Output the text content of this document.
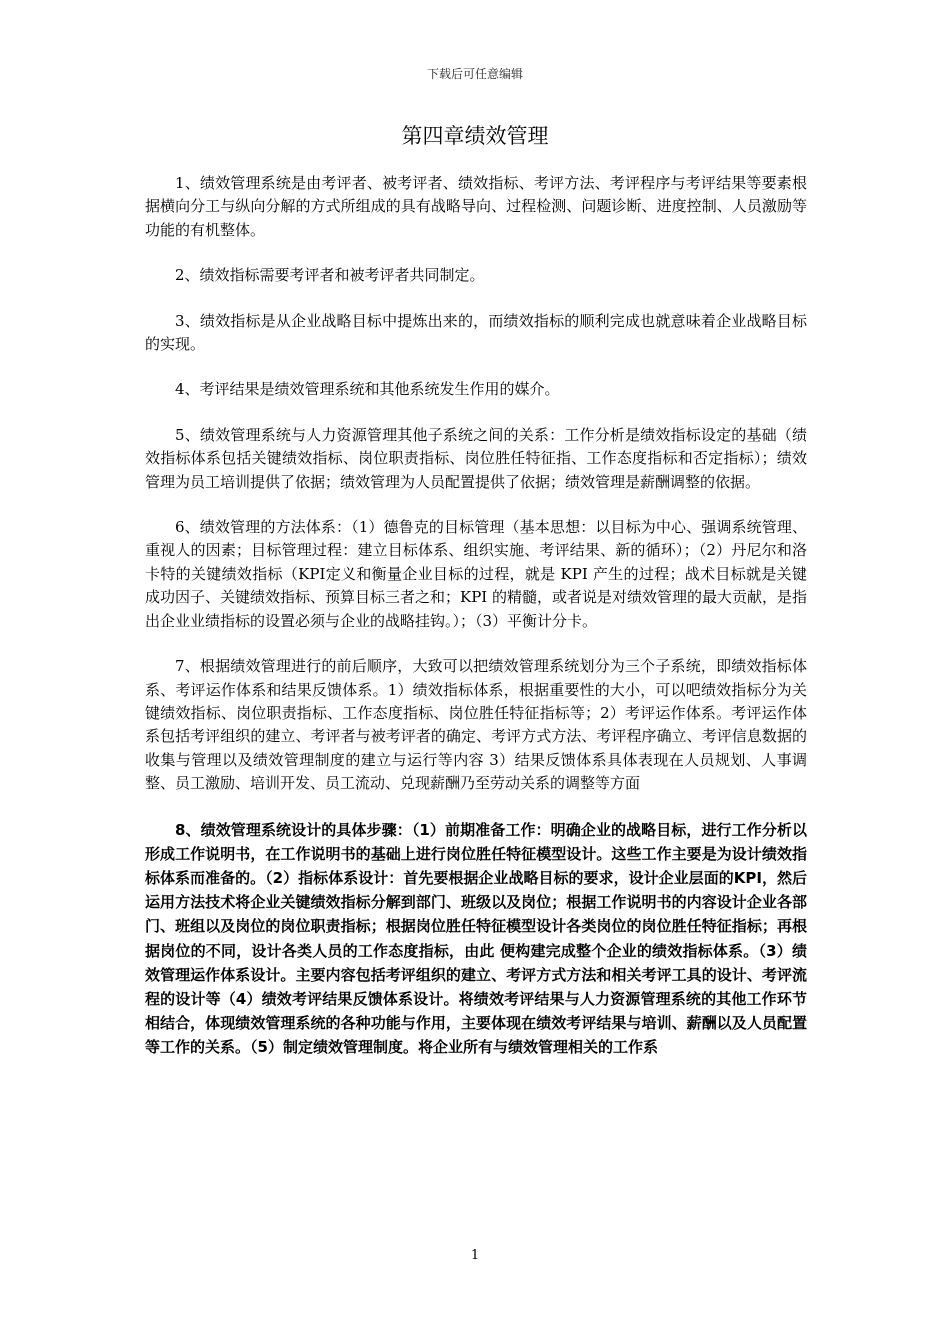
下载后可任意编辑
第四章绩效管理

1、绩效管理系统是由考评者、被考评者、绩效指标、考评方法、考评程序与考评结果等要素根据横向分工与纵向分解的方式所组成的具有战略导向、过程检测、问题诊断、进度控制、人员激励等功能的有机整体。

2、绩效指标需要考评者和被考评者共同制定。

3、绩效指标是从企业战略目标中提炼出来的，而绩效指标的顺利完成也就意味着企业战略目标的实现。

4、考评结果是绩效管理系统和其他系统发生作用的媒介。

5、绩效管理系统与人力资源管理其他子系统之间的关系：工作分析是绩效指标设定的基础（绩效指标体系包括关键绩效指标、岗位职责指标、岗位胜任特征指、工作态度指标和否定指标）；绩效管理为员工培训提供了依据；绩效管理为人员配置提供了依据；绩效管理是薪酬调整的依据。

6、绩效管理的方法体系：（1）德鲁克的目标管理（基本思想：以目标为中心、强调系统管理、重视人的因素；目标管理过程：建立目标体系、组织实施、考评结果、新的循环）；（2）丹尼尔和洛卡特的关键绩效指标（KPI定义和衡量企业目标的过程，就是 KPI 产生的过程；战术目标就是关键成功因子、关键绩效指标、预算目标三者之和；KPI 的精髓，或者说是对绩效管理的最大贡献，是指出企业业绩指标的设置必须与企业的战略挂钩。）；（3）平衡计分卡。

7、根据绩效管理进行的前后顺序，大致可以把绩效管理系统划分为三个子系统，即绩效指标体系、考评运作体系和结果反馈体系。1）绩效指标体系，根据重要性的大小，可以吧绩效指标分为关键绩效指标、岗位职责指标、工作态度指标、岗位胜任特征指标等；2）考评运作体系。考评运作体系包括考评组织的建立、考评者与被考评者的确定、考评方式方法、考评程序确立、考评信息数据的收集与管理以及绩效管理制度的建立与运行等内容 3）结果反馈体系具体表现在人员规划、人事调整、员工激励、培训开发、员工流动、兑现薪酬乃至劳动关系的调整等方面

8、绩效管理系统设计的具体步骤：（1）前期准备工作：明确企业的战略目标，进行工作分析以形成工作说明书，在工作说明书的基础上进行岗位胜任特征模型设计。这些工作主要是为设计绩效指标体系而准备的。（2）指标体系设计：首先要根据企业战略目标的要求，设计企业层面的KPI，然后运用方法技术将企业关键绩效指标分解到部门、班级以及岗位；根据工作说明书的内容设计企业各部门、班组以及岗位的岗位职责指标；根据岗位胜任特征模型设计各类岗位的岗位胜任特征指标；再根据岗位的不同，设计各类人员的工作态度指标，由此 便构建完成整个企业的绩效指标体系。（3）绩效管理运作体系设计。主要内容包括考评组织的建立、考评方式方法和相关考评工具的设计、考评流程的设计等（4）绩效考评结果反馈体系设计。将绩效考评结果与人力资源管理系统的其他工作环节相结合，体现绩效管理系统的各种功能与作用，主要体现在绩效考评结果与培训、薪酬以及人员配置等工作的关系。（5）制定绩效管理制度。将企业所有与绩效管理相关的工作系

1
